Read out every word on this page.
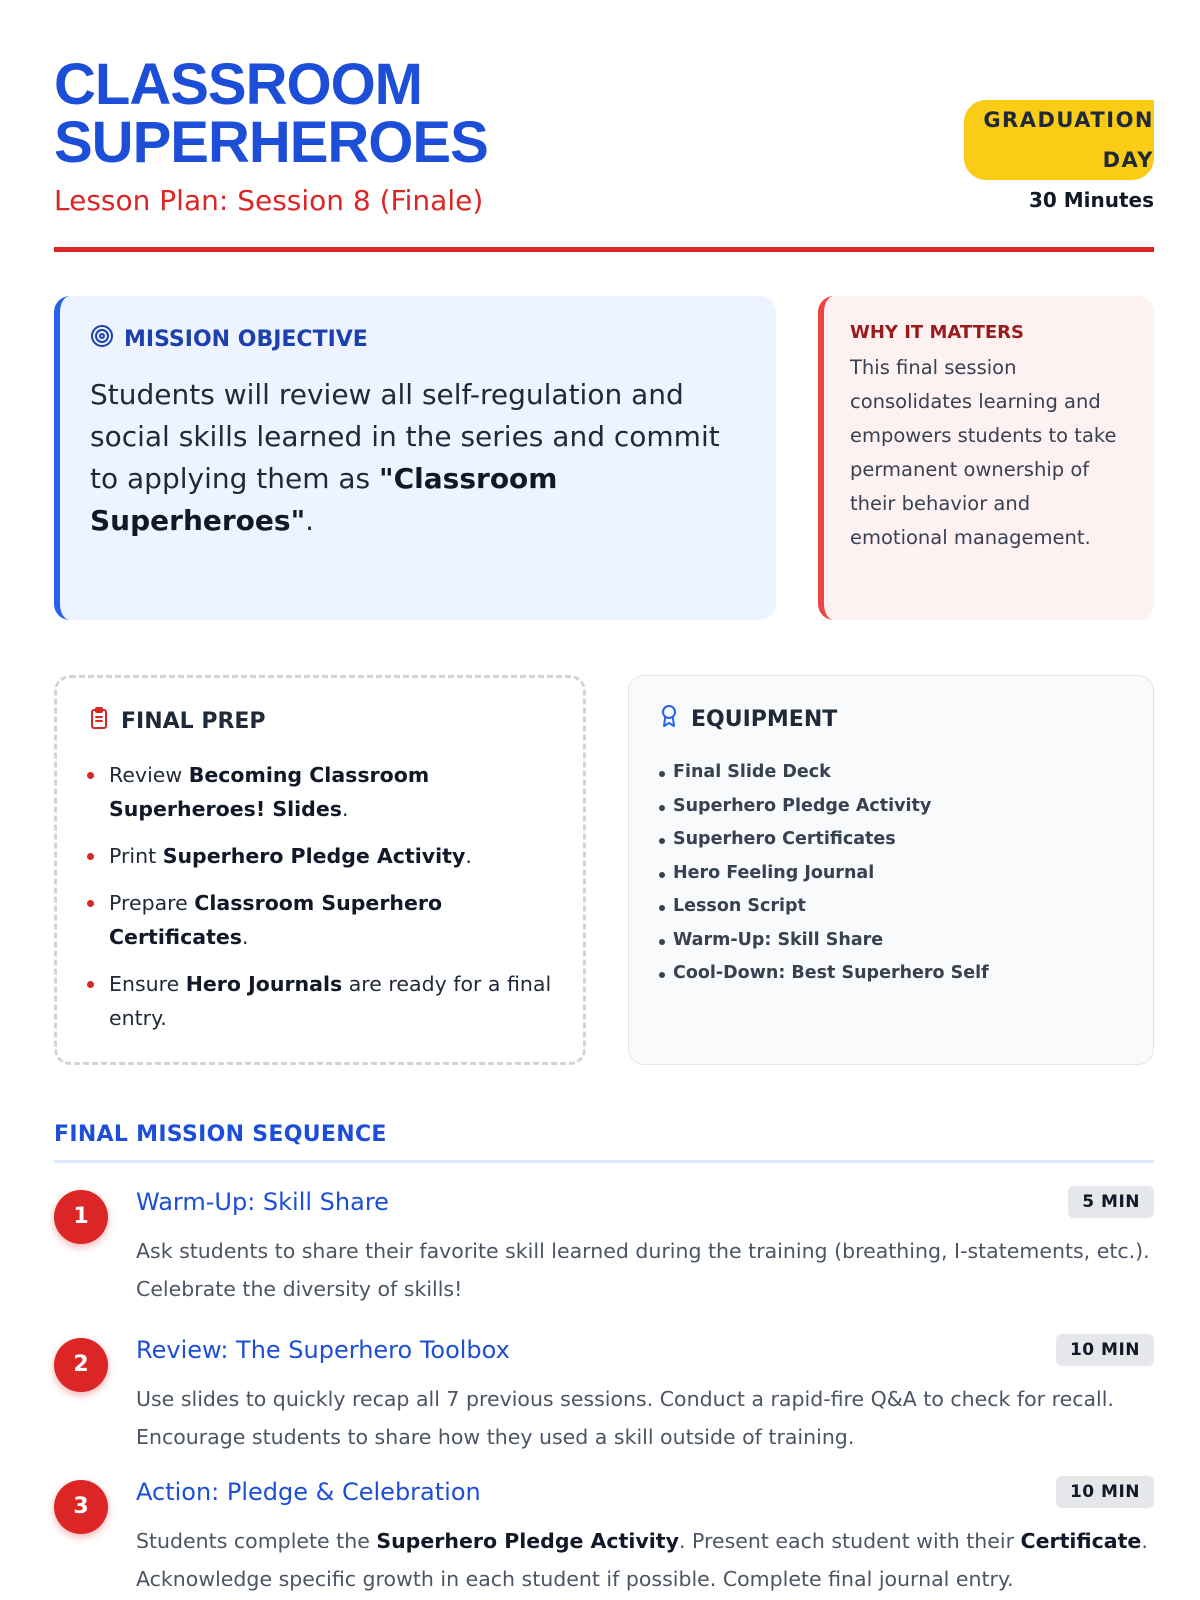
CLASSROOM
SUPERHEROES
Lesson Plan: Session 8 (Finale)
GRADUATION DAY
30 Minutes
MISSION OBJECTIVE
Students will review all self-regulation and social skills learned in the series and commit to applying them as "Classroom Superheroes".
WHY IT MATTERS
This final session consolidates learning and empowers students to take permanent ownership of their behavior and emotional management.
FINAL PREP
Review Becoming Classroom Superheroes! Slides.
Print Superhero Pledge Activity.
Prepare Classroom Superhero Certificates.
Ensure Hero Journals are ready for a final entry.
EQUIPMENT
Final Slide Deck
Superhero Pledge Activity
Superhero Certificates
Hero Feeling Journal
Lesson Script
Warm-Up: Skill Share
Cool-Down: Best Superhero Self
FINAL MISSION SEQUENCE
1
Warm-Up: Skill Share	5 MIN
Ask students to share their favorite skill learned during the training (breathing, I-statements, etc.). Celebrate the diversity of skills!
2
Review: The Superhero Toolbox	10 MIN
Use slides to quickly recap all 7 previous sessions. Conduct a rapid-fire Q&A to check for recall. Encourage students to share how they used a skill outside of training.
3
Action: Pledge & Celebration	10 MIN
Students complete the Superhero Pledge Activity. Present each student with their Certificate. Acknowledge specific growth in each student if possible. Complete final journal entry.
